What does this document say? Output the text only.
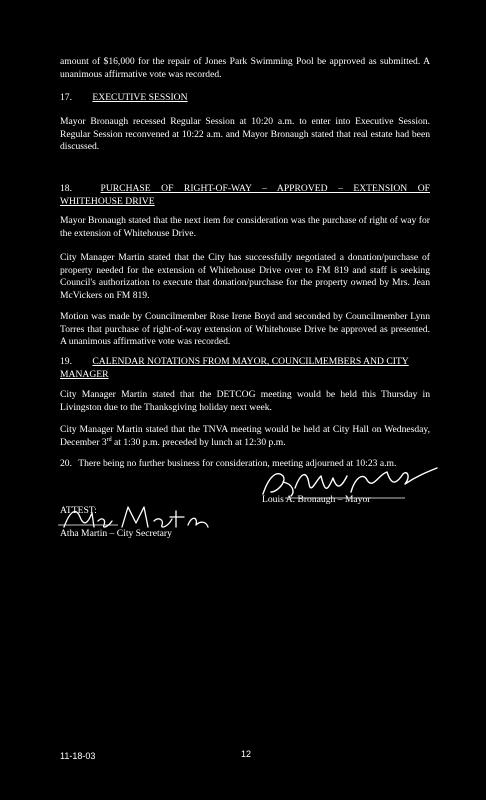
amount of $16,000 for the repair of Jones Park Swimming Pool be approved as submitted. A unanimous affirmative vote was recorded.

17. EXECUTIVE SESSION

Mayor Bronaugh recessed Regular Session at 10:20 a.m. to enter into Executive Session. Regular Session reconvened at 10:22 a.m. and Mayor Bronaugh stated that real estate had been discussed.

18.	PURCHASE OF RIGHT-OF-WAY – APPROVED – EXTENSION OF WHITEHOUSE DRIVE

Mayor Bronaugh stated that the next item for consideration was the purchase of right of way for the extension of Whitehouse Drive.

City Manager Martin stated that the City has successfully negotiated a donation/purchase of property needed for the extension of Whitehouse Drive over to FM 819 and staff is seeking Council's authorization to execute that donation/purchase for the property owned by Mrs. Jean McVickers on FM 819.

Motion was made by Councilmember Rose Irene Boyd and seconded by Councilmember Lynn Torres that purchase of right-of-way extension of Whitehouse Drive be approved as presented. A unanimous affirmative vote was recorded.

19. CALENDAR NOTATIONS FROM MAYOR, COUNCILMEMBERS AND CITY MANAGER

City Manager Martin stated that the DETCOG meeting would be held this Thursday in Livingston due to the Thanksgiving holiday next week.

City Manager Martin stated that the TNVA meeting would be held at City Hall on Wednesday, December 3rd at 1:30 p.m. preceded by lunch at 12:30 p.m.

20. There being no further business for consideration, meeting adjourned at 10:23 a.m.
Louis A. Bronaugh – Mayor
ATTEST:
Atha Martin – City Secretary
11-18-03	12
